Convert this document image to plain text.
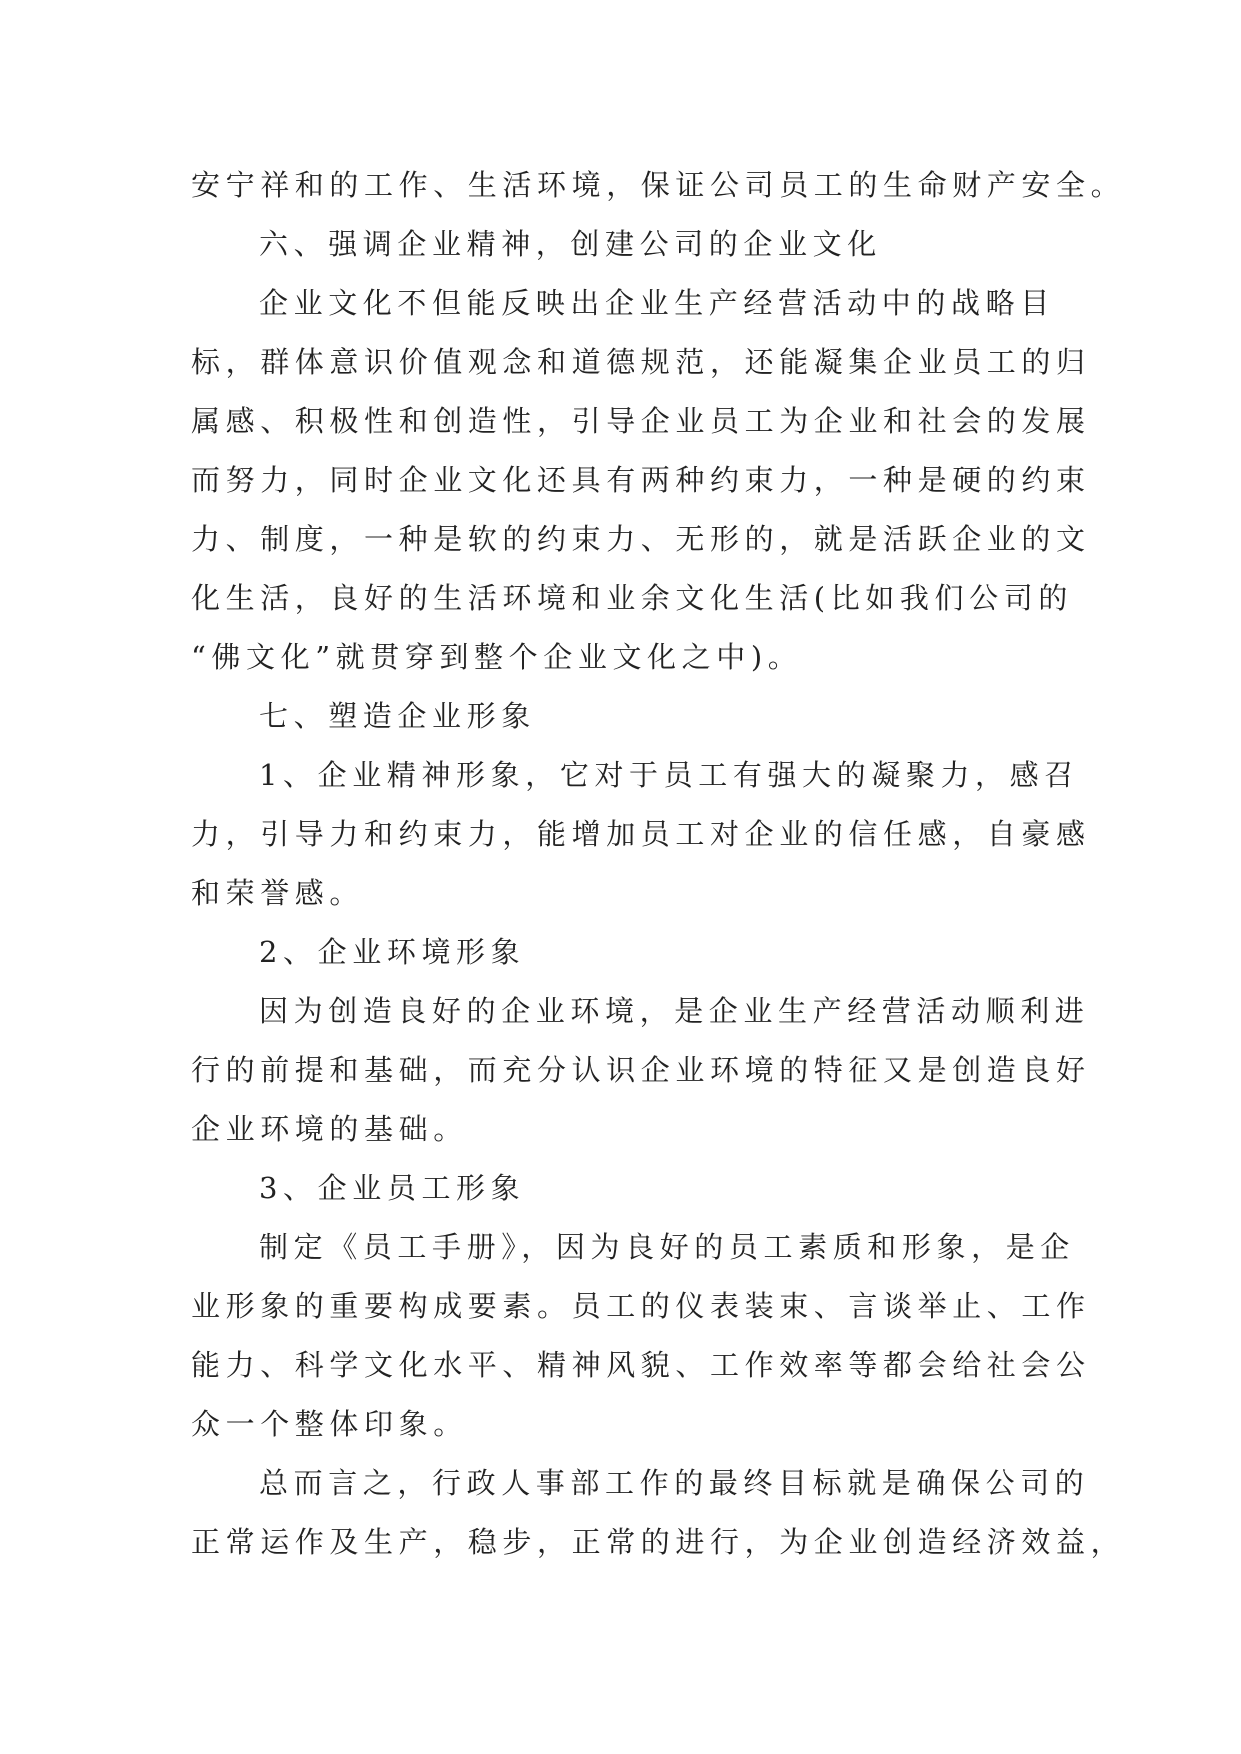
安宁祥和的工作、生活环境，保证公司员工的生命财产安全。
六、强调企业精神，创建公司的企业文化
企业文化不但能反映出企业生产经营活动中的战略目
标，群体意识价值观念和道德规范，还能凝集企业员工的归
属感、积极性和创造性，引导企业员工为企业和社会的发展
而努力，同时企业文化还具有两种约束力，一种是硬的约束
力、制度，一种是软的约束力、无形的，就是活跃企业的文
化生活，良好的生活环境和业余文化生活(比如我们公司的
“佛文化”就贯穿到整个企业文化之中)。
七、塑造企业形象
1、企业精神形象，它对于员工有强大的凝聚力，感召
力，引导力和约束力，能增加员工对企业的信任感，自豪感
和荣誉感。
2、企业环境形象
因为创造良好的企业环境，是企业生产经营活动顺利进
行的前提和基础，而充分认识企业环境的特征又是创造良好
企业环境的基础。
3、企业员工形象
制定《员工手册》，因为良好的员工素质和形象，是企
业形象的重要构成要素。员工的仪表装束、言谈举止、工作
能力、科学文化水平、精神风貌、工作效率等都会给社会公
众一个整体印象。
总而言之，行政人事部工作的最终目标就是确保公司的
正常运作及生产，稳步，正常的进行，为企业创造经济效益，
